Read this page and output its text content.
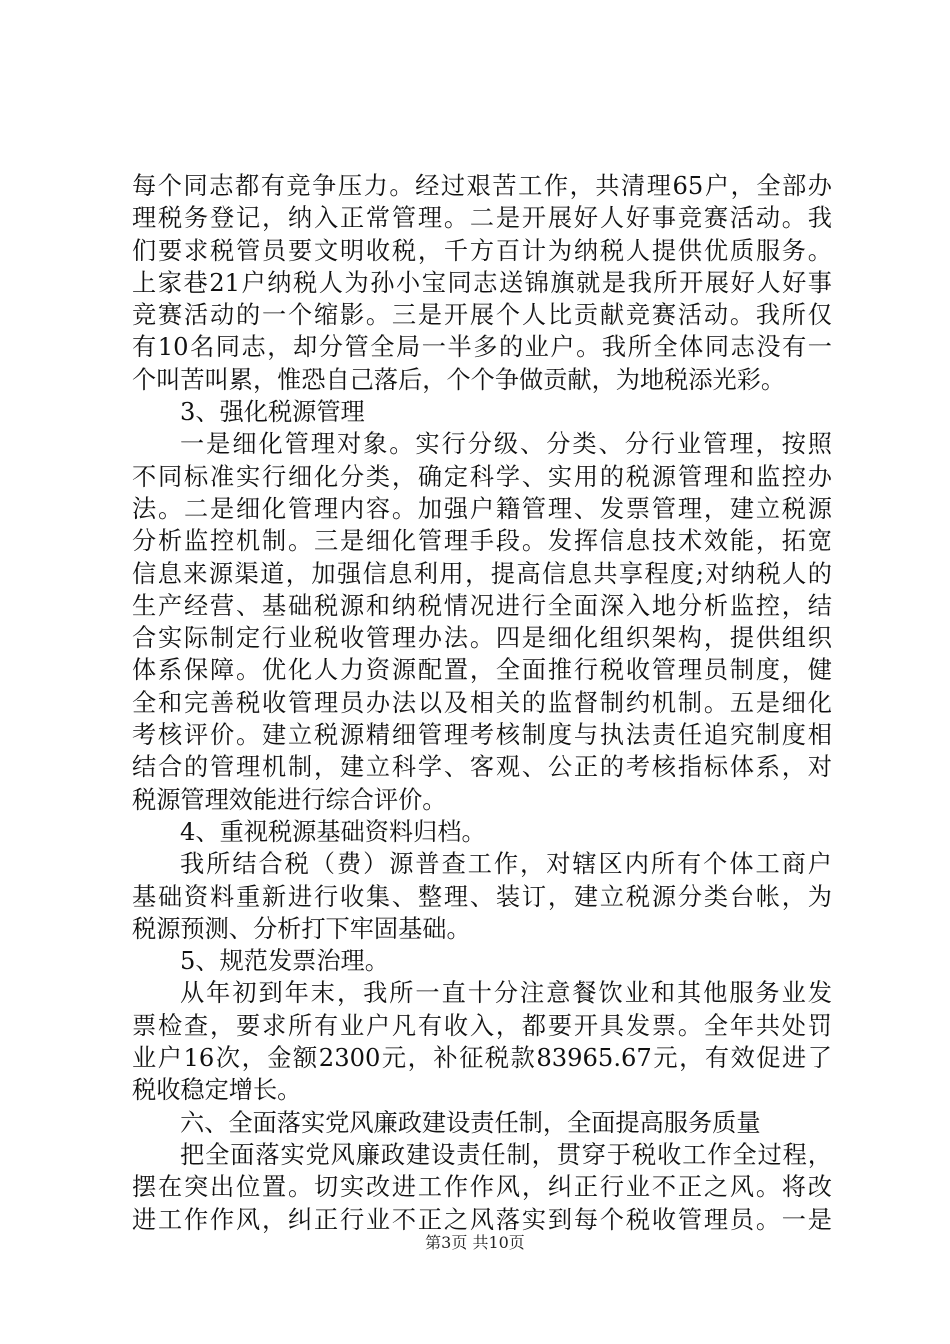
每个同志都有竞争压力。经过艰苦工作，共清理65户，全部办
理税务登记，纳入正常管理。二是开展好人好事竞赛活动。我
们要求税管员要文明收税，千方百计为纳税人提供优质服务。
上家巷21户纳税人为孙小宝同志送锦旗就是我所开展好人好事
竞赛活动的一个缩影。三是开展个人比贡献竞赛活动。我所仅
有10名同志，却分管全局一半多的业户。我所全体同志没有一
个叫苦叫累，惟恐自己落后，个个争做贡献，为地税添光彩。
3、强化税源管理
一是细化管理对象。实行分级、分类、分行业管理，按照
不同标准实行细化分类，确定科学、实用的税源管理和监控办
法。二是细化管理内容。加强户籍管理、发票管理，建立税源
分析监控机制。三是细化管理手段。发挥信息技术效能，拓宽
信息来源渠道，加强信息利用，提高信息共享程度;对纳税人的
生产经营、基础税源和纳税情况进行全面深入地分析监控，结
合实际制定行业税收管理办法。四是细化组织架构，提供组织
体系保障。优化人力资源配置，全面推行税收管理员制度，健
全和完善税收管理员办法以及相关的监督制约机制。五是细化
考核评价。建立税源精细管理考核制度与执法责任追究制度相
结合的管理机制，建立科学、客观、公正的考核指标体系，对
税源管理效能进行综合评价。
4、重视税源基础资料归档。
我所结合税（费）源普查工作，对辖区内所有个体工商户
基础资料重新进行收集、整理、装订，建立税源分类台帐，为
税源预测、分析打下牢固基础。
5、规范发票治理。
从年初到年末，我所一直十分注意餐饮业和其他服务业发
票检查，要求所有业户凡有收入，都要开具发票。全年共处罚
业户16次，金额2300元，补征税款83965.67元，有效促进了
税收稳定增长。
六、全面落实党风廉政建设责任制，全面提高服务质量
把全面落实党风廉政建设责任制，贯穿于税收工作全过程，
摆在突出位置。切实改进工作作风，纠正行业不正之风。将改
进工作作风，纠正行业不正之风落实到每个税收管理员。一是
第3页 共10页
